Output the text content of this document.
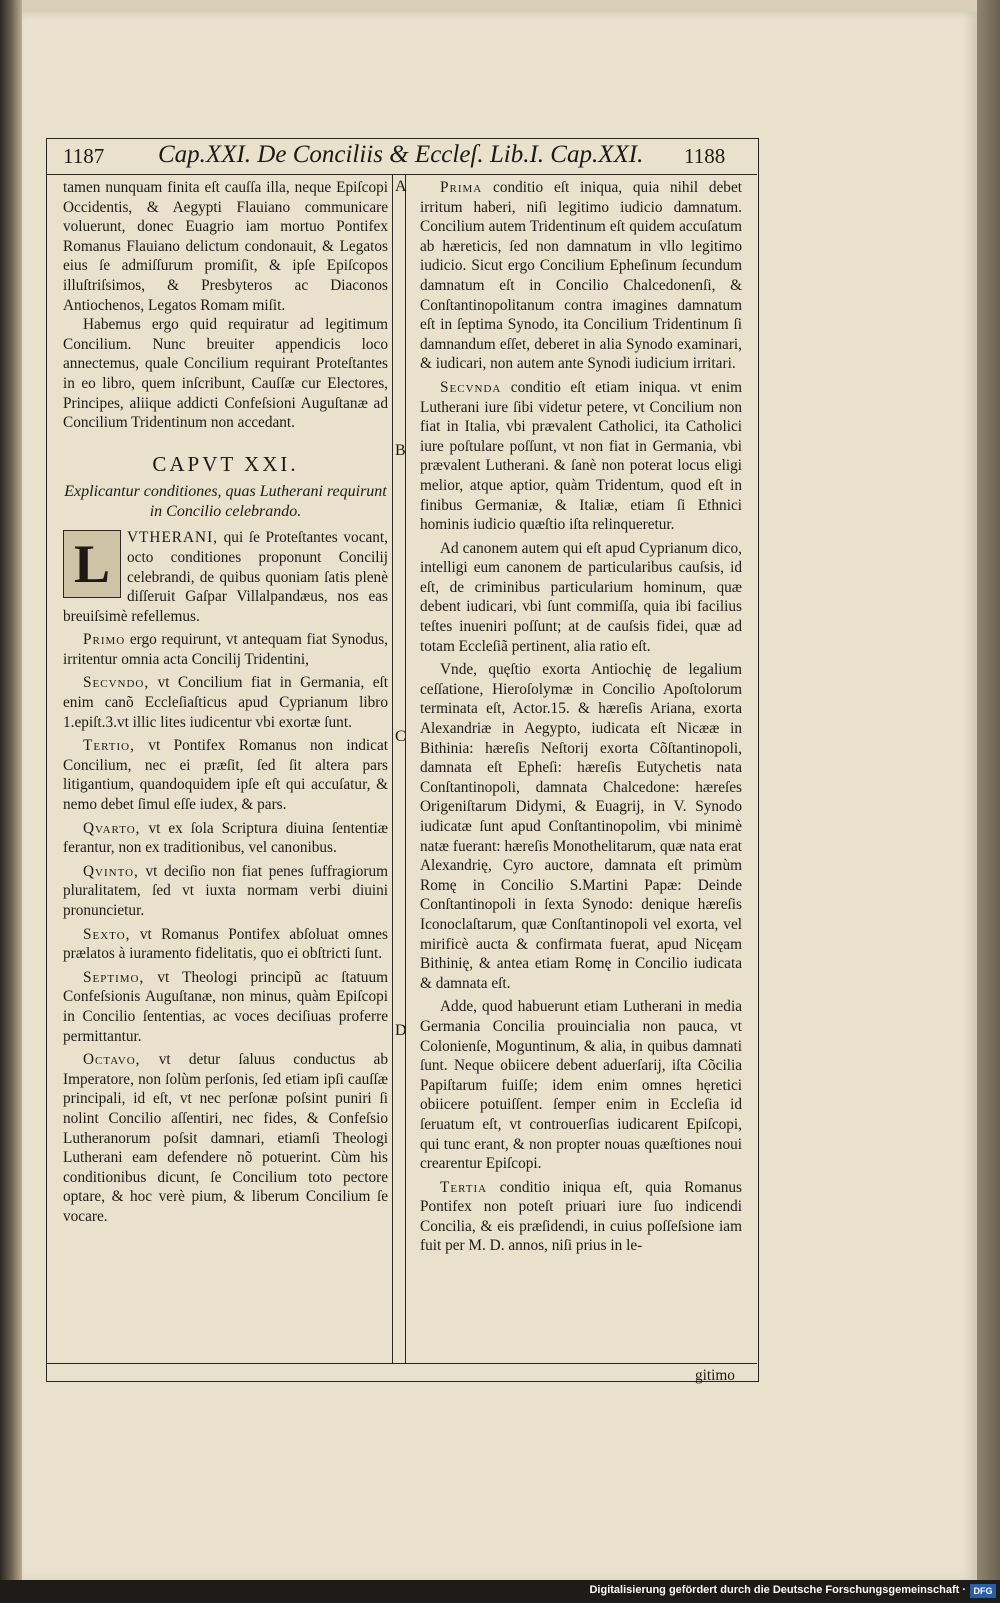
1187 Cap.XXI. De Conciliis & Eccleſ. Lib.I. Cap.XXI.	1188
A
B
C
D

tamen nunquam finita eſt cauſſa illa, neque Epiſcopi Occidentis, & Aegypti Flauiano communicare voluerunt, donec Euagrio iam mortuo Pontifex Romanus Flauiano delictum condonauit, & Legatos eius ſe admiſſurum promiſit, & ipſe Epiſcopos illuſtriſsimos, & Presbyteros ac Diaconos Antiochenos, Legatos Romam miſit.

Habemus ergo quid requiratur ad legitimum Concilium. Nunc breuiter appendicis loco annectemus, quale Concilium requirant Proteſtantes in eo libro, quem inſcribunt, Cauſſæ cur Electores, Principes, aliique addicti Confeſsioni Auguſtanæ ad Concilium Tridentinum non accedant.

CAPVT XXI.
Explicantur conditiones, quas Lutherani requirunt in Concilio celebrando.

L	VTHERANI, qui ſe Proteſtantes vocant, octo conditiones proponunt Concilij celebrandi, de quibus quoniam ſatis plenè diſſeruit Gaſpar Villalpandæus, nos eas breuiſsimè refellemus.

Primo ergo requirunt, vt antequam fiat Synodus, irritentur omnia acta Concilij Tridentini,

Secvndo, vt Concilium fiat in Germania, eſt enim canõ Eccleſiaſticus apud Cyprianum libro 1.epiſt.3.vt illic lites iudicentur vbi exortæ ſunt.

Tertio, vt Pontifex Romanus non indicat Concilium, nec ei præſit, ſed ſit altera pars litigantium, quandoquidem ipſe eſt qui accuſatur, & nemo debet ſimul eſſe iudex, & pars.

Qvarto, vt ex ſola Scriptura diuina ſententiæ ferantur, non ex traditionibus, vel canonibus.

Qvinto, vt deciſio non fiat penes ſuffragiorum pluralitatem, ſed vt iuxta normam verbi diuini pronuncietur.

Sexto, vt Romanus Pontifex abſoluat omnes prælatos à iuramento fidelitatis, quo ei obſtricti ſunt.

Septimo, vt Theologi principũ ac ſtatuum Confeſsionis Auguſtanæ, non minus, quàm Epiſcopi in Concilio ſententias, ac voces deciſiuas proferre permittantur.

Octavo, vt detur ſaluus conductus ab Imperatore, non ſolùm perſonis, ſed etiam ipſi cauſſæ principali, id eſt, vt nec perſonæ poſsint puniri ſi nolint Concilio aſſentiri, nec fides, & Confeſsio Lutheranorum poſsit damnari, etiamſi Theologi Lutherani eam defendere nõ potuerint. Cùm his conditionibus dicunt, ſe Concilium toto pectore optare, & hoc verè pium, & liberum Concilium ſe vocare.

Prima conditio eſt iniqua, quia nihil debet irritum haberi, niſi legitimo iudicio damnatum. Concilium autem Tridentinum eſt quidem accuſatum ab hæreticis, ſed non damnatum in vllo legitimo iudicio. Sicut ergo Concilium Epheſinum ſecundum damnatum eſt in Concilio Chalcedonenſi, & Conſtantinopolitanum contra imagines damnatum eſt in ſeptima Synodo, ita Concilium Tridentinum ſi damnandum eſſet, deberet in alia Synodo examinari, & iudicari, non autem ante Synodi iudicium irritari.

Secvnda conditio eſt etiam iniqua. vt enim Lutherani iure ſibi videtur petere, vt Concilium non fiat in Italia, vbi prævalent Catholici, ita Catholici iure poſtulare poſſunt, vt non fiat in Germania, vbi prævalent Lutherani. & ſanè non poterat locus eligi melior, atque aptior, quàm Tridentum, quod eſt in finibus Germaniæ, & Italiæ, etiam ſi Ethnici hominis iudicio quæſtio iſta relinqueretur.

Ad canonem autem qui eſt apud Cyprianum dico, intelligi eum canonem de particularibus cauſsis, id eſt, de criminibus particularium hominum, quæ debent iudicari, vbi ſunt commiſſa, quia ibi facilius teſtes inueniri poſſunt; at de cauſsis fidei, quæ ad totam Eccleſiã pertinent, alia ratio eſt.

Vnde, quęſtio exorta Antiochię de legalium ceſſatione, Hieroſolymæ in Concilio Apoſtolorum terminata eſt, Actor.15. & hæreſis Ariana, exorta Alexandriæ in Aegypto, iudicata eſt Nicææ in Bithinia: hæreſis Neſtorij exorta Cõſtantinopoli, damnata eſt Epheſi: hæreſis Eutychetis nata Conſtantinopoli, damnata Chalcedone: hæreſes Origeniſtarum Didymi, & Euagrij, in V. Synodo iudicatæ ſunt apud Conſtantinopolim, vbi minimè natæ fuerant: hæreſis Monothelitarum, quæ nata erat Alexandrię, Cyro auctore, damnata eſt primùm Romę in Concilio S.Martini Papæ: Deinde Conſtantinopoli in ſexta Synodo: denique hæreſis Iconoclaſtarum, quæ Conſtantinopoli vel exorta, vel mirificè aucta & confirmata fuerat, apud Nicęam Bithinię, & antea etiam Romę in Concilio iudicata & damnata eſt.

Adde, quod habuerunt etiam Lutherani in media Germania Concilia prouincialia non pauca, vt Colonienſe, Moguntinum, & alia, in quibus damnati ſunt. Neque obiicere debent aduerſarij, iſta Cõcilia Papiſtarum fuiſſe; idem enim omnes hęretici obiicere potuiſſent. ſemper enim in Eccleſia id ſeruatum eſt, vt controuerſias iudicarent Epiſcopi, qui tunc erant, & non propter nouas quæſtiones noui crearentur Epiſcopi.

Tertia conditio iniqua eſt, quia Romanus Pontifex non poteſt priuari iure ſuo indicendi Concilia, & eis præſidendi, in cuius poſſeſsione iam fuit per M. D. annos, niſi prius in le-

gitimo
Digitalisierung gefördert durch die Deutsche Forschungsgemeinschaft · DFG
